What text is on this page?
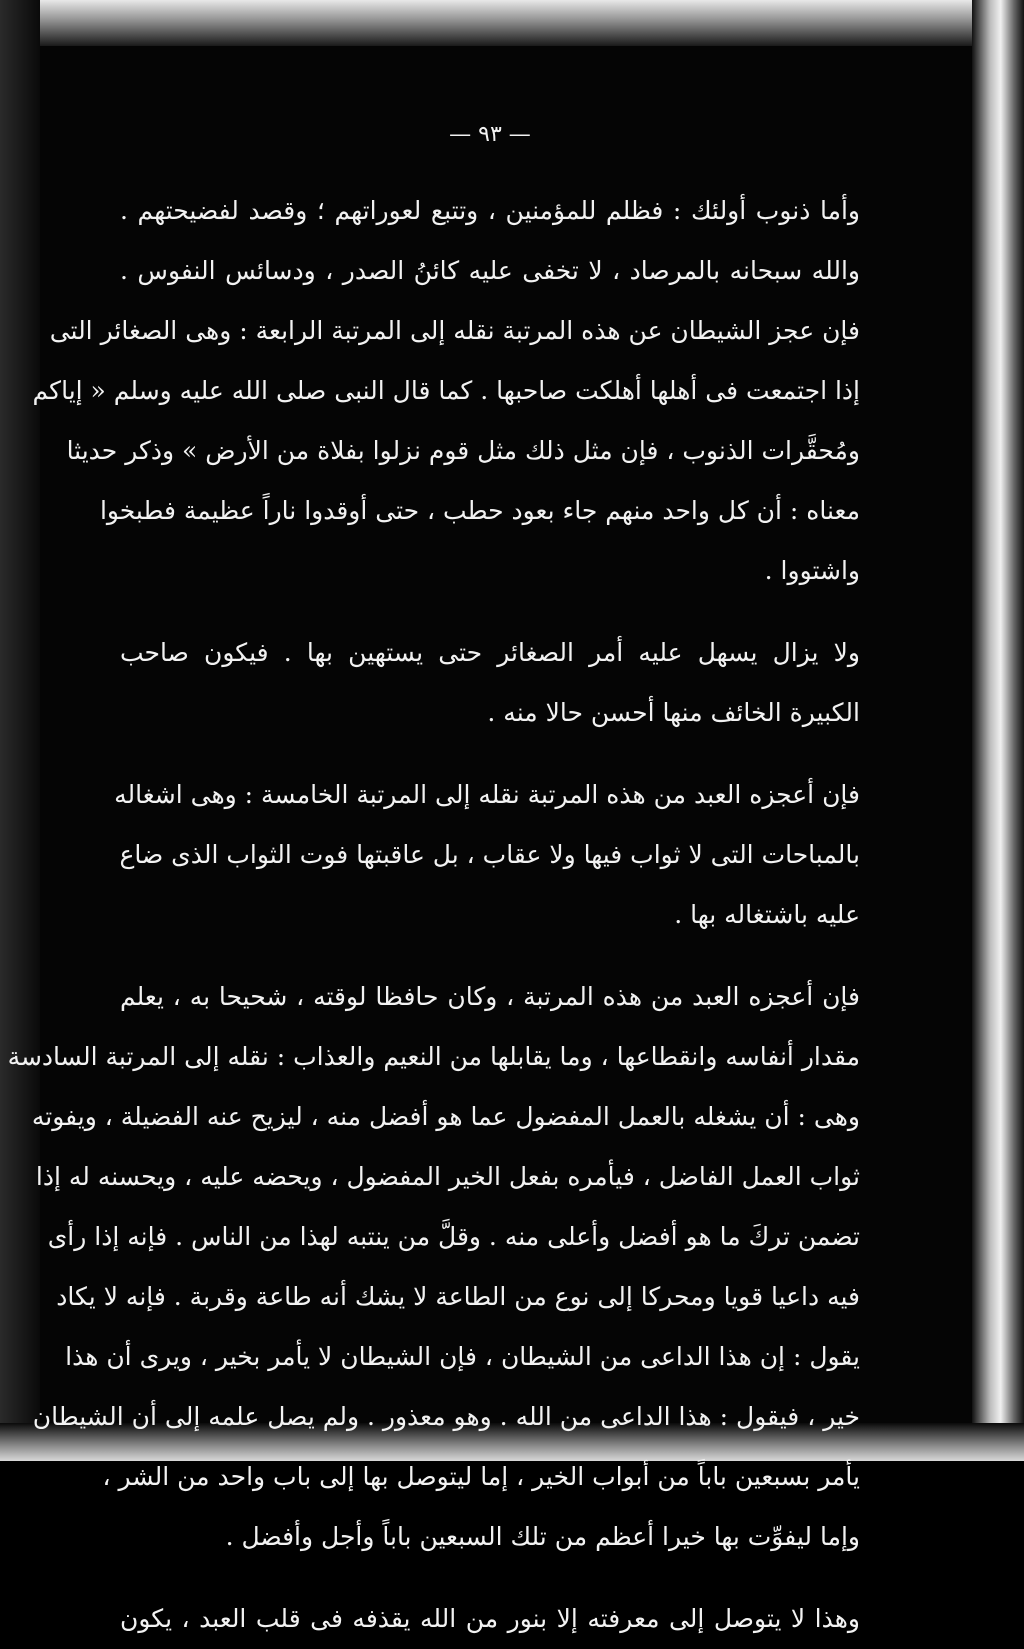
— ٩٣ —
وأما ذنوب أولئك : فظلم للمؤمنين ، وتتبع لعوراتهم ؛ وقصد لفضيحتهم .
والله سبحانه بالمرصاد ، لا تخفى عليه كائنُ الصدر ، ودسائس النفوس .
فإن عجز الشيطان عن هذه المرتبة نقله إلى المرتبة الرابعة : وهى الصغائر التى
إذا اجتمعت فى أهلها أهلكت صاحبها . كما قال النبى صلى الله عليه وسلم « إياكم
ومُحقَّرات الذنوب ، فإن مثل ذلك مثل قوم نزلوا بفلاة من الأرض » وذكر حديثا
معناه : أن كل واحد منهم جاء بعود حطب ، حتى أوقدوا ناراً عظيمة فطبخوا
واشتووا .
ولا يزال يسهل عليه أمر الصغائر حتى يستهين بها . فيكون صاحب
الكبيرة الخائف منها أحسن حالا منه .
فإن أعجزه العبد من هذه المرتبة نقله إلى المرتبة الخامسة : وهى اشغاله
بالمباحات التى لا ثواب فيها ولا عقاب ، بل عاقبتها فوت الثواب الذى ضاع
عليه باشتغاله بها .
فإن أعجزه العبد من هذه المرتبة ، وكان حافظا لوقته ، شحيحا به ، يعلم
مقدار أنفاسه وانقطاعها ، وما يقابلها من النعيم والعذاب : نقله إلى المرتبة السادسة
وهى : أن يشغله بالعمل المفضول عما هو أفضل منه ، ليزيح عنه الفضيلة ، ويفوته
ثواب العمل الفاضل ، فيأمره بفعل الخير المفضول ، ويحضه عليه ، ويحسنه له إذا
تضمن تركَ ما هو أفضل وأعلى منه . وقلَّ من ينتبه لهذا من الناس . فإنه إذا رأى
فيه داعيا قويا ومحركا إلى نوع من الطاعة لا يشك أنه طاعة وقربة . فإنه لا يكاد
يقول : إن هذا الداعى من الشيطان ، فإن الشيطان لا يأمر بخير ، ويرى أن هذا
خير ، فيقول : هذا الداعى من الله . وهو معذور . ولم يصل علمه إلى أن الشيطان
يأمر بسبعين باباً من أبواب الخير ، إما ليتوصل بها إلى باب واحد من الشر ،
وإما ليفوِّت بها خيرا أعظم من تلك السبعين باباً وأجل وأفضل .
وهذا لا يتوصل إلى معرفته إلا بنور من الله يقذفه فى قلب العبد ، يكون
